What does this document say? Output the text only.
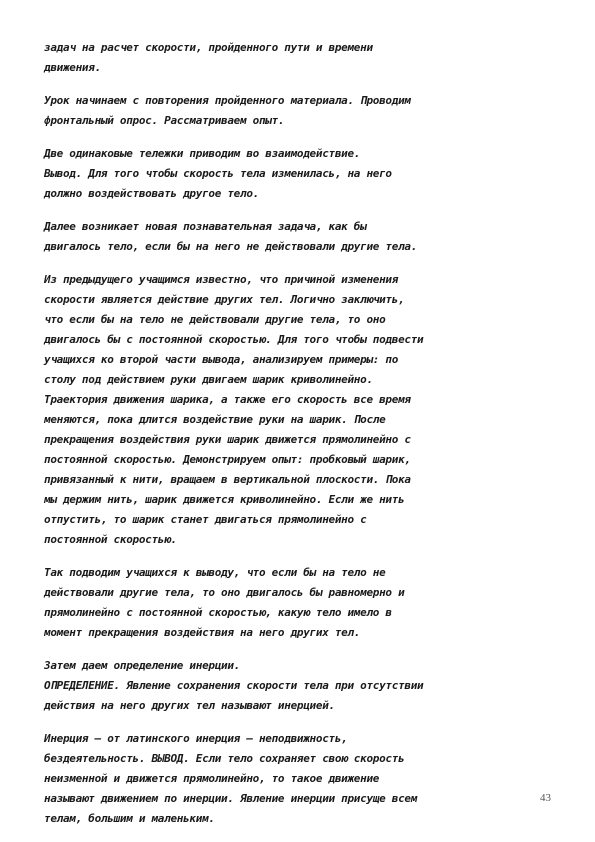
задач на расчет скорости, пройденного пути и времени
движения.

Урок начинаем с повторения пройденного материала. Проводим
фронтальный опрос. Рассматриваем опыт.

Две одинаковые тележки приводим во взаимодействие.
Вывод. Для того чтобы скорость тела изменилась, на него
должно воздействовать другое тело.

Далее возникает новая познавательная задача, как бы
двигалось тело, если бы на него не действовали другие тела.

Из предыдущего учащимся известно, что причиной изменения
скорости является действие других тел. Логично заключить,
что если бы на тело не действовали другие тела, то оно
двигалось бы с постоянной скоростью. Для того чтобы подвести
учащихся ко второй части вывода, анализируем примеры: по
столу под действием руки двигаем шарик криволинейно.
Траектория движения шарика, а также его скорость все время
меняются, пока длится воздействие руки на шарик. После
прекращения воздействия руки шарик движется прямолинейно с
постоянной скоростью. Демонстрируем опыт: пробковый шарик,
привязанный к нити, вращаем в вертикальной плоскости. Пока
мы держим нить, шарик движется криволинейно. Если же нить
отпустить, то шарик станет двигаться прямолинейно с
постоянной скоростью.

Так подводим учащихся к выводу, что если бы на тело не
действовали другие тела, то оно двигалось бы равномерно и
прямолинейно с постоянной скоростью, какую тело имело в
момент прекращения воздействия на него других тел.

Затем даем определение инерции.
ОПРЕДЕЛЕНИЕ. Явление сохранения скорости тела при отсутствии
действия на него других тел называют инерцией.

Инерция – от латинского инерция – неподвижность,
бездеятельность. ВЫВОД. Если тело сохраняет свою скорость
неизменной и движется прямолинейно, то такое движение
называют движением по инерции. Явление инерции присуще всем
телам, большим и маленьким.

43
